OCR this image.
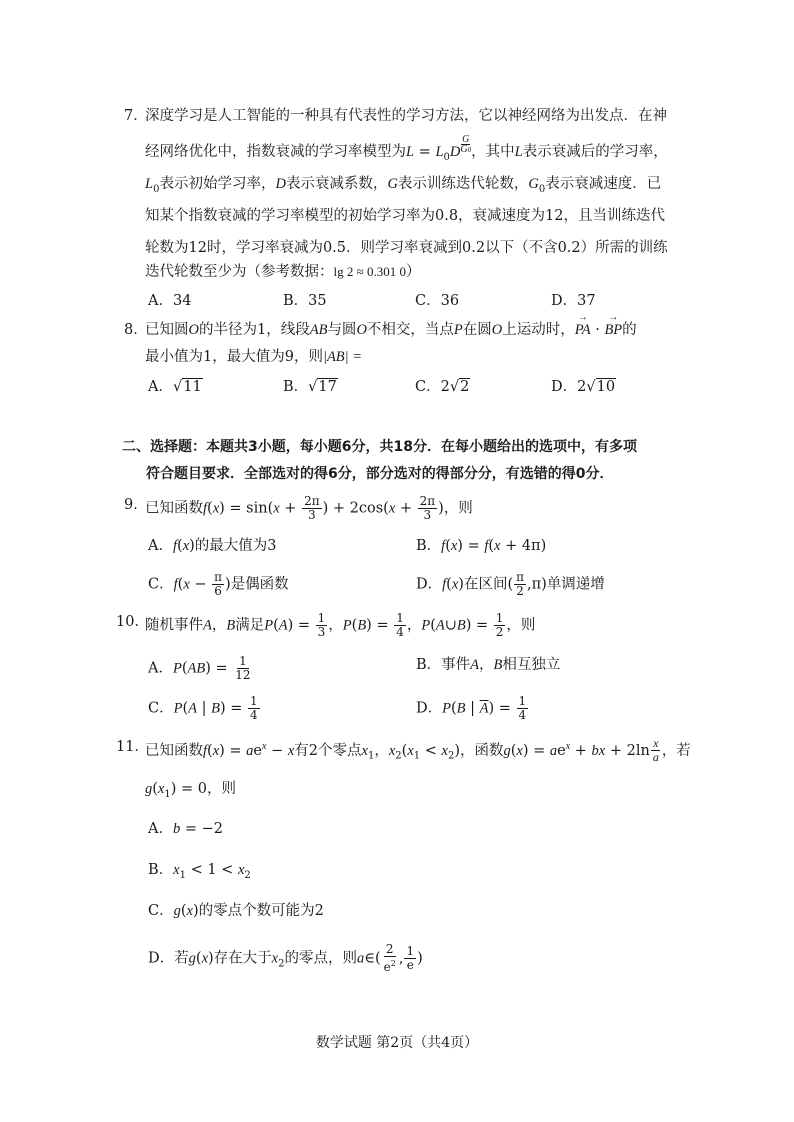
7．
深度学习是人工智能的一种具有代表性的学习方法，它以神经网络为出发点．在神
经网络优化中，指数衰减的学习率模型为$L = L_0D \frac{G}{G0}$ ，其中L表示衰减后的学习率，
$L_0$表示初始学习率，D表示衰减系数，G表示训练迭代轮数，$G_0$表示衰减速度．已
知某个指数衰减的学习率模型的初始学习率为0.8，衰减速度为12，且当训练迭代
轮数为12时，学习率衰减为0.5．则学习率衰减到0.2以下（不含0.2）所需的训练
迭代轮数至少为（参考数据：lg 2 ≈ 0.301 0）
A．34	B．35	C．36	D．37
8．
已知圆O的半径为1，线段AB与圆O不相交，当点P在圆O上运动时，→ PA · → BP的
最小值为1，最大值为9，则|AB| =
A．√11	B．√17	C．2√2	D．2√10
二、选择题：本题共3小题，每小题6分，共18分．在每小题给出的选项中，有多项
符合题目要求．全部选对的得6分，部分选对的得部分分，有选错的得0分．
9．
已知函数$f(x) = \sin(x + \frac{2\pi}{3}$ ) + $2\cos(x + \frac{2\pi}{3}$ )，则
A．f(x)的最大值为3	B．f(x) = f(x + 4π)
C．$f(x - \frac{\pi}{6}$ )是偶函数	D．f(x)在区间( $\frac{\pi}{2} ,\pi$)单调递增
10．
随机事件A，B满足$P(A) = \frac{1}{3}$ ，$P(B) = \frac{1}{4}$ ，P(A∪B) = $\frac{1}{2}$ ，则
A．$P(AB) = \frac{1}{12}$	B．事件A，B相互独立
C．P(A | $B) = \frac{1}{4}$	D．P(B | $\overline{A}) = \frac{1}{4}$
11．
已知函数$f(x) = ae^x - x$有2个零点$x_1$，$x_2(x_1 < x_2)$，函数$g(x) = ae^x$ + bx + $2\ln \frac{x}{a}$ ，若
$g(x_1) = 0$，则
A．b = −2
B．$x_1 < 1 < x_2$
C．g(x)的零点个数可能为2
D．若g(x)存在大于$x_2$的零点，则a∈( $\frac{2}{e^2}$ , $\frac{1}{e}$ )
数学试题 第2页（共4页）
